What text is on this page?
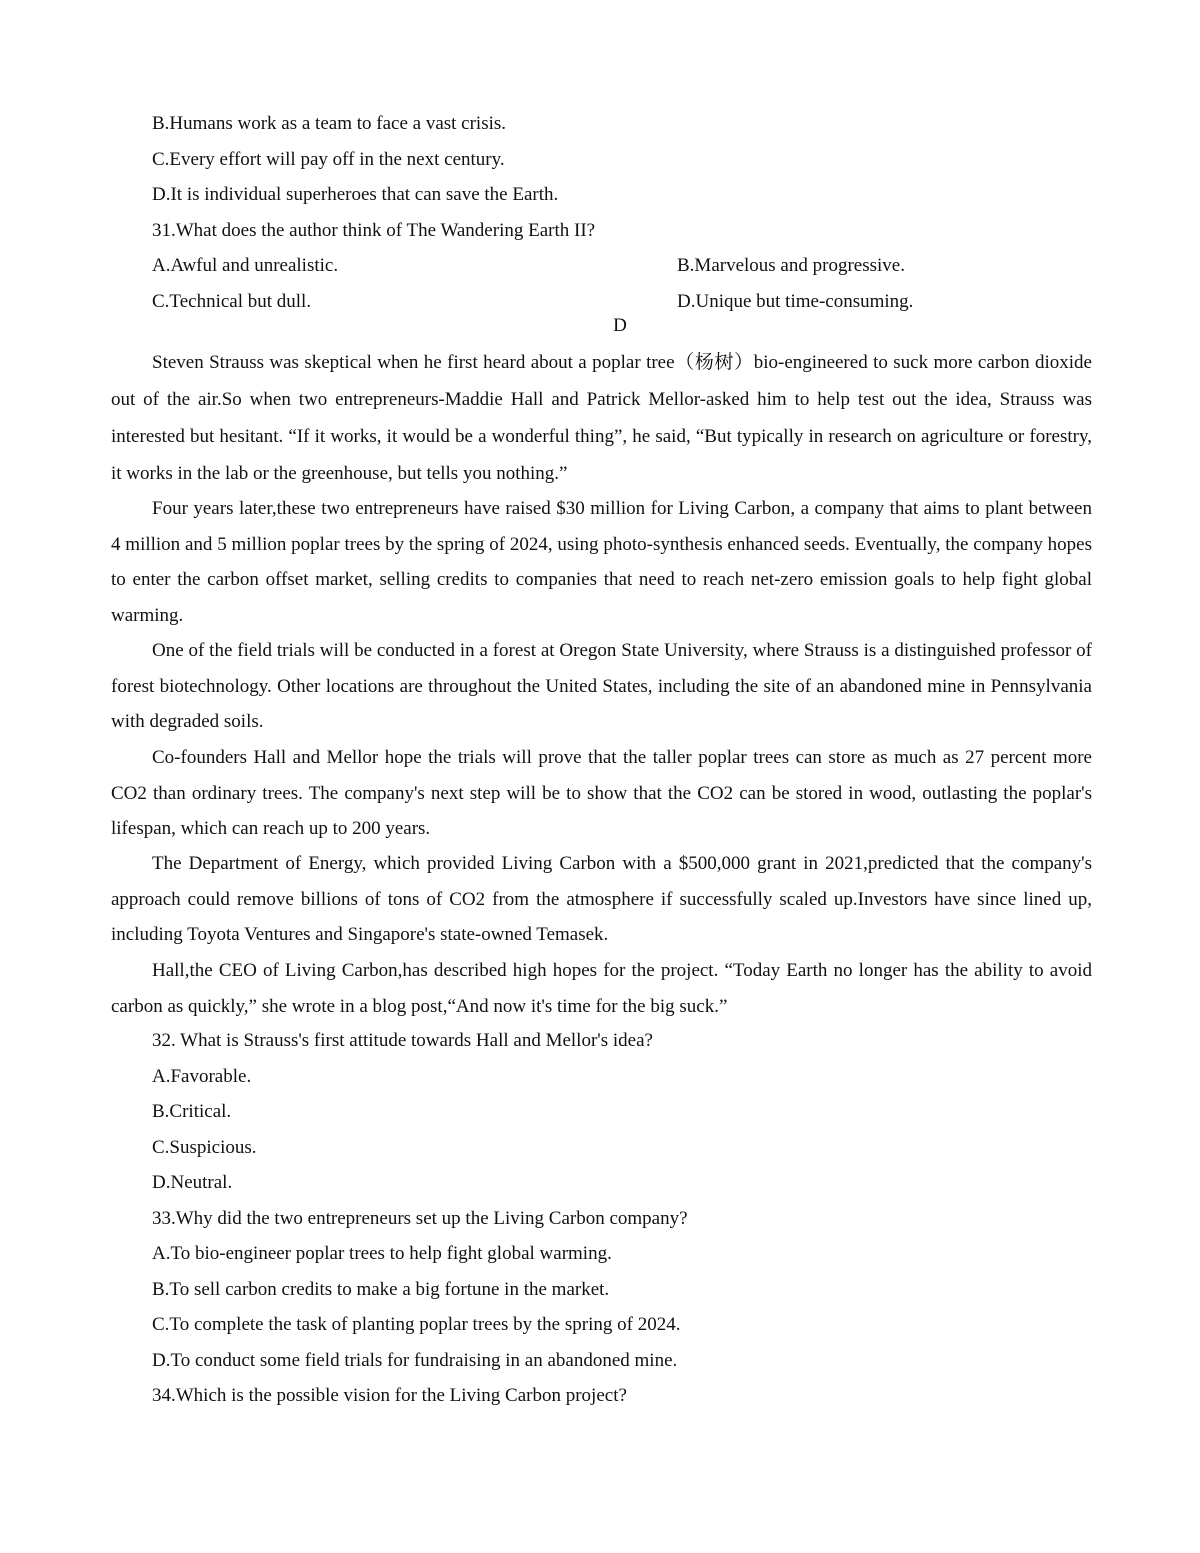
B.Humans work as a team to face a vast crisis.
C.Every effort will pay off in the next century.
D.It is individual superheroes that can save the Earth.
31.What does the author think of The Wandering Earth II?
A.Awful and unrealistic.	B.Marvelous and progressive.
C.Technical but dull.	D.Unique but time-consuming.
D

Steven Strauss was skeptical when he first heard about a poplar tree（杨树）bio-engineered to suck more carbon dioxide out of the air.So when two entrepreneurs-Maddie Hall and Patrick Mellor-asked him to help test out the idea, Strauss was interested but hesitant. “If it works, it would be a wonderful thing”, he said, “But typically in research on agriculture or forestry, it works in the lab or the greenhouse, but tells you nothing.”

Four years later,these two entrepreneurs have raised $30 million for Living Carbon, a company that aims to plant between 4 million and 5 million poplar trees by the spring of 2024, using photo-synthesis enhanced seeds. Eventually, the company hopes to enter the carbon offset market, selling credits to companies that need to reach net-zero emission goals to help fight global warming.

One of the field trials will be conducted in a forest at Oregon State University, where Strauss is a distinguished professor of forest biotechnology. Other locations are throughout the United States, including the site of an abandoned mine in Pennsylvania with degraded soils.

Co-founders Hall and Mellor hope the trials will prove that the taller poplar trees can store as much as 27 percent more CO2 than ordinary trees. The company's next step will be to show that the CO2 can be stored in wood, outlasting the poplar's lifespan, which can reach up to 200 years.

The Department of Energy, which provided Living Carbon with a $500,000 grant in 2021,predicted that the company's approach could remove billions of tons of CO2 from the atmosphere if successfully scaled up.Investors have since lined up, including Toyota Ventures and Singapore's state-owned Temasek.

Hall,the CEO of Living Carbon,has described high hopes for the project. “Today Earth no longer has the ability to avoid carbon as quickly,” she wrote in a blog post,“And now it's time for the big suck.”

32. What is Strauss's first attitude towards Hall and Mellor's idea?
A.Favorable.
B.Critical.
C.Suspicious.
D.Neutral.
33.Why did the two entrepreneurs set up the Living Carbon company?
A.To bio-engineer poplar trees to help fight global warming.
B.To sell carbon credits to make a big fortune in the market.
C.To complete the task of planting poplar trees by the spring of 2024.
D.To conduct some field trials for fundraising in an abandoned mine.
34.Which is the possible vision for the Living Carbon project?
